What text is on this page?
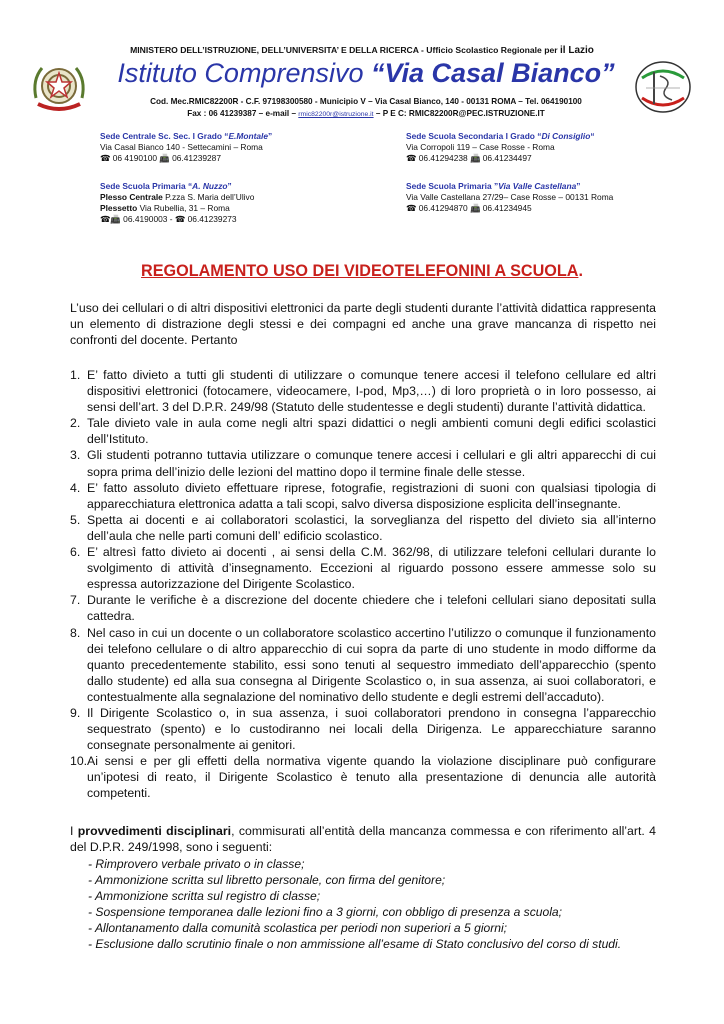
MINISTERO DELL’ISTRUZIONE, DELL’UNIVERSITA’ E DELLA RICERCA - Ufficio Scolastico Regionale per il Lazio
Istituto Comprensivo “Via Casal Bianco”
Cod. Mec.RMIC82200R - C.F. 97198300580 - Municipio V – Via Casal Bianco, 140 - 00131 ROMA – Tel. 064190100
Fax : 06 41239387 – e-mail – rmic82200r@istruzione.it – P E C: RMIC82200R@PEC.ISTRUZIONE.IT
Sede Centrale Sc. Sec. I Grado “E.Montale”
Via Casal Bianco 140 - Settecamini – Roma
☎ 06 4190100 📠 06.41239287
Sede Scuola Secondaria I Grado “Di Consiglio“
Via Corropoli 119 – Case Rosse - Roma
☎ 06.41294238 📠 06.41234497
Sede Scuola Primaria “A. Nuzzo”
Plesso Centrale P.zza S. Maria dell’Ulivo
Plessetto Via Rubellia, 31 – Roma
☎📠 06.4190003 - ☎ 06.41239273
Sede Scuola Primaria ”Via Valle Castellana”
Via Valle Castellana 27/29– Case Rosse – 00131 Roma
☎ 06.41294870 📠 06.41234945
REGOLAMENTO USO DEI VIDEOTELEFONINI A SCUOLA.
L’uso dei cellulari o di altri dispositivi elettronici da parte degli studenti durante l’attività didattica rappresenta un elemento di distrazione degli stessi e dei compagni ed anche una grave mancanza di rispetto nei confronti del docente. Pertanto
1. E’ fatto divieto a tutti gli studenti di utilizzare o comunque tenere accesi il telefono cellulare ed altri dispositivi elettronici (fotocamere, videocamere, I-pod, Mp3,…) di loro proprietà o in loro possesso, ai sensi dell’art. 3 del D.P.R. 249/98 (Statuto delle studentesse e degli studenti) durante l’attività didattica.
2. Tale divieto vale in aula come negli altri spazi didattici o negli ambienti comuni degli edifici scolastici dell’Istituto.
3. Gli studenti potranno tuttavia utilizzare o comunque tenere accesi i cellulari e gli altri apparecchi di cui sopra prima dell’inizio delle lezioni del mattino dopo il termine finale delle stesse.
4. E’ fatto assoluto divieto effettuare riprese, fotografie, registrazioni di suoni con qualsiasi tipologia di apparecchiatura elettronica adatta a tali scopi, salvo diversa disposizione esplicita dell’insegnante.
5. Spetta ai docenti e ai collaboratori scolastici, la sorveglianza del rispetto del divieto sia all’interno dell’aula che nelle parti comuni dell’ edificio scolastico.
6. E’ altresì fatto divieto ai docenti , ai sensi della C.M. 362/98, di utilizzare telefoni cellulari durante lo svolgimento di attività d’insegnamento. Eccezioni al riguardo possono essere ammesse solo su espressa autorizzazione del Dirigente Scolastico.
7. Durante le verifiche è a discrezione del docente chiedere che i telefoni cellulari siano depositati sulla cattedra.
8. Nel caso in cui un docente o un collaboratore scolastico accertino l’utilizzo o comunque il funzionamento dei telefono cellulare o di altro apparecchio di cui sopra da parte di uno studente in modo difforme da quanto precedentemente stabilito, essi sono tenuti al sequestro immediato dell’apparecchio (spento dallo studente) ed alla sua consegna al Dirigente Scolastico o, in sua assenza, ai suoi collaboratori, e contestualmente alla segnalazione del nominativo dello studente e degli estremi dell’accaduto).
9. Il Dirigente Scolastico o, in sua assenza, i suoi collaboratori prendono in consegna l’apparecchio sequestrato (spento) e lo custodiranno nei locali della Dirigenza. Le apparecchiature saranno consegnate personalmente ai genitori.
10. Ai sensi e per gli effetti della normativa vigente quando la violazione disciplinare può configurare un’ipotesi di reato, il Dirigente Scolastico è tenuto alla presentazione di denuncia alle autorità competenti.
I provvedimenti disciplinari, commisurati all’entità della mancanza commessa e con riferimento all’art. 4 del D.P.R. 249/1998, sono i seguenti:
- Rimprovero verbale privato o in classe;
- Ammonizione scritta sul libretto personale, con firma del genitore;
- Ammonizione scritta sul registro di classe;
- Sospensione temporanea dalle lezioni fino a 3 giorni, con obbligo di presenza a scuola;
- Allontanamento dalla comunità scolastica per periodi non superiori a 5 giorni;
- Esclusione dallo scrutinio finale o non ammissione all’esame di Stato conclusivo del corso di studi.
